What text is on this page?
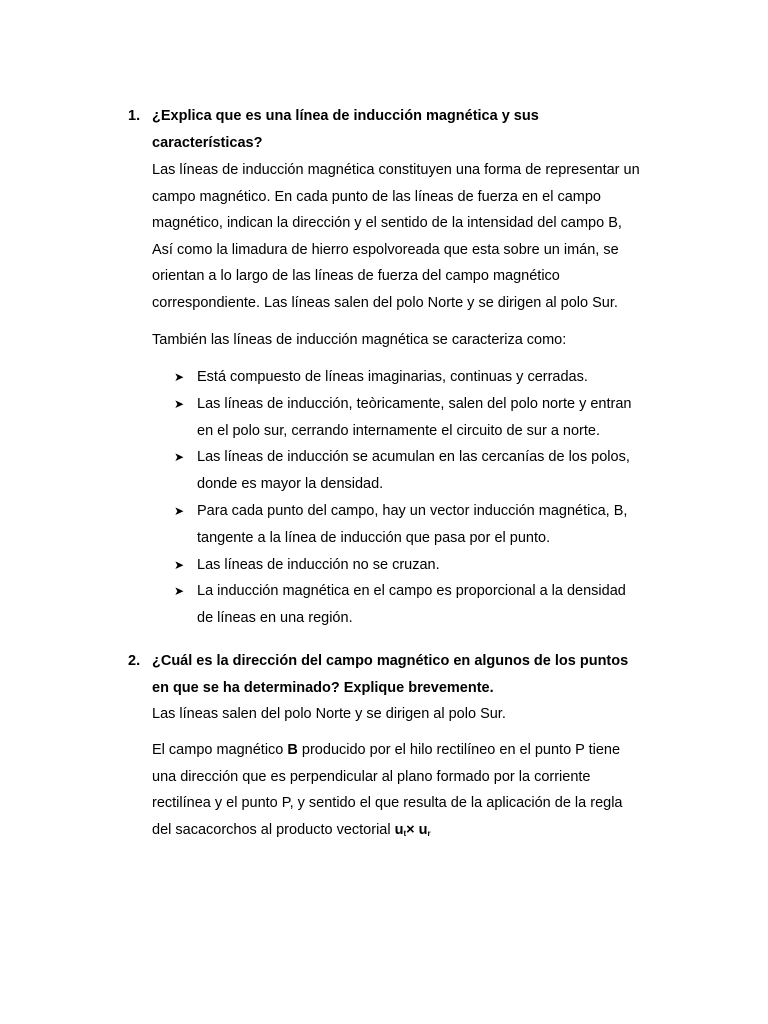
1. ¿Explica que es una línea de inducción magnética y sus
características?
Las líneas de inducción magnética constituyen una forma de representar un
campo magnético. En cada punto de las líneas de fuerza en el campo
magnético, indican la dirección y el sentido de la intensidad del campo B,
Así como la limadura de hierro espolvoreada que esta sobre un imán, se
orientan a lo largo de las líneas de fuerza del campo magnético
correspondiente. Las líneas salen del polo Norte y se dirigen al polo Sur.
También las líneas de inducción magnética se caracteriza como:
➤ Está compuesto de líneas imaginarias, continuas y cerradas.
➤ Las líneas de inducción, teòricamente, salen del polo norte y entran
en el polo sur, cerrando internamente el circuito de sur a norte.
➤ Las líneas de inducción se acumulan en las cercanías de los polos,
donde es mayor la densidad.
➤ Para cada punto del campo, hay un vector inducción magnética, B,
tangente a la línea de inducción que pasa por el punto.
➤ Las líneas de inducción no se cruzan.
➤ La inducción magnética en el campo es proporcional a la densidad
de líneas en una región.
2. ¿Cuál es la dirección del campo magnético en algunos de los puntos
en que se ha determinado? Explique brevemente.
Las líneas salen del polo Norte y se dirigen al polo Sur.
El campo magnético B producido por el hilo rectilíneo en el punto P tiene
una dirección que es perpendicular al plano formado por la corriente
rectilínea y el punto P, y sentido el que resulta de la aplicación de la regla
del sacacorchos al producto vectorial $u_t\times u_r$
